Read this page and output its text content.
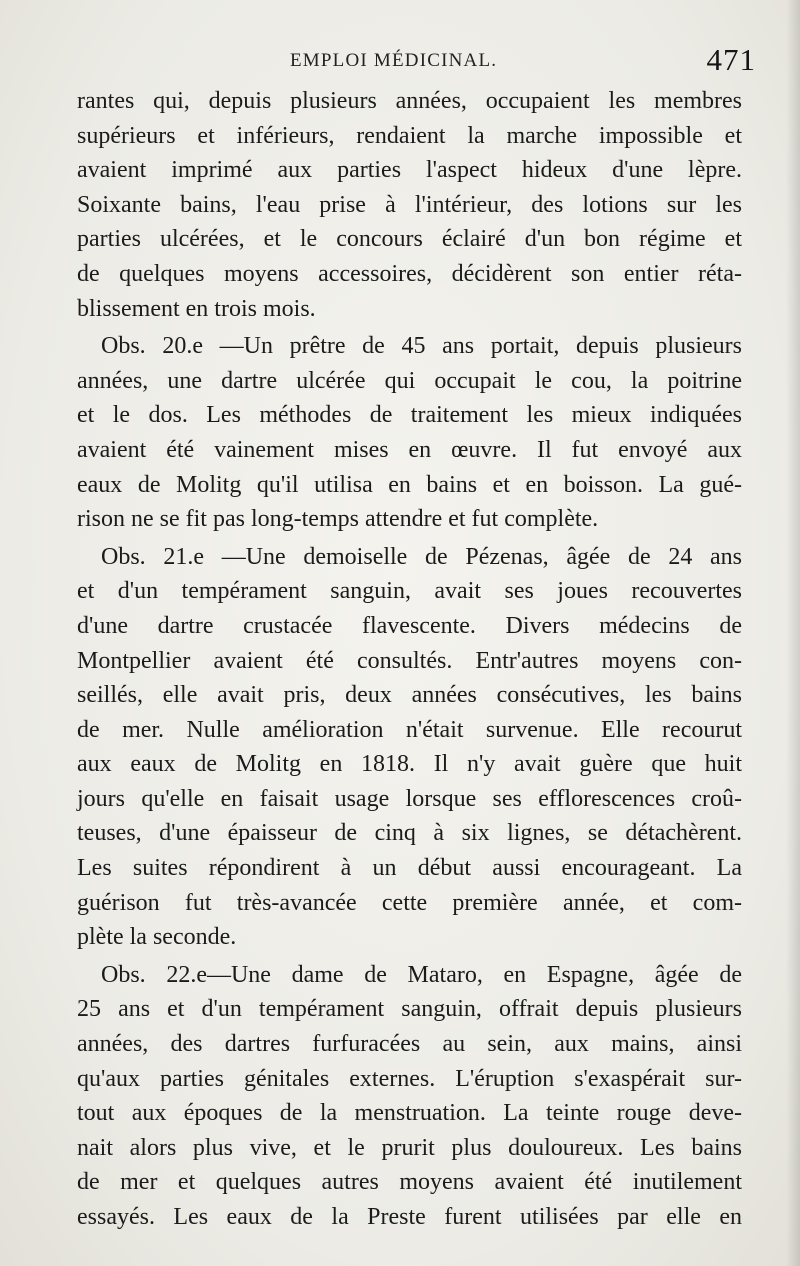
EMPLOI MÉDICINAL.	471
rantes qui, depuis plusieurs années, occupaient les membres
supérieurs et inférieurs, rendaient la marche impossible et
avaient imprimé aux parties l'aspect hideux d'une lèpre.
Soixante bains, l'eau prise à l'intérieur, des lotions sur les
parties ulcérées, et le concours éclairé d'un bon régime et
de quelques moyens accessoires, décidèrent son entier réta-
blissement en trois mois.
Obs. 20.e —Un prêtre de 45 ans portait, depuis plusieurs
années, une dartre ulcérée qui occupait le cou, la poitrine
et le dos. Les méthodes de traitement les mieux indiquées
avaient été vainement mises en œuvre. Il fut envoyé aux
eaux de Molitg qu'il utilisa en bains et en boisson. La gué-
rison ne se fit pas long-temps attendre et fut complète.
Obs. 21.e —Une demoiselle de Pézenas, âgée de 24 ans
et d'un tempérament sanguin, avait ses joues recouvertes
d'une dartre crustacée flavescente. Divers médecins de
Montpellier avaient été consultés. Entr'autres moyens con-
seillés, elle avait pris, deux années consécutives, les bains
de mer. Nulle amélioration n'était survenue. Elle recourut
aux eaux de Molitg en 1818. Il n'y avait guère que huit
jours qu'elle en faisait usage lorsque ses efflorescences croû-
teuses, d'une épaisseur de cinq à six lignes, se détachèrent.
Les suites répondirent à un début aussi encourageant. La
guérison fut très-avancée cette première année, et com-
plète la seconde.
Obs. 22.e—Une dame de Mataro, en Espagne, âgée de
25 ans et d'un tempérament sanguin, offrait depuis plusieurs
années, des dartres furfuracées au sein, aux mains, ainsi
qu'aux parties génitales externes. L'éruption s'exaspérait sur-
tout aux époques de la menstruation. La teinte rouge deve-
nait alors plus vive, et le prurit plus douloureux. Les bains
de mer et quelques autres moyens avaient été inutilement
essayés. Les eaux de la Preste furent utilisées par elle en
